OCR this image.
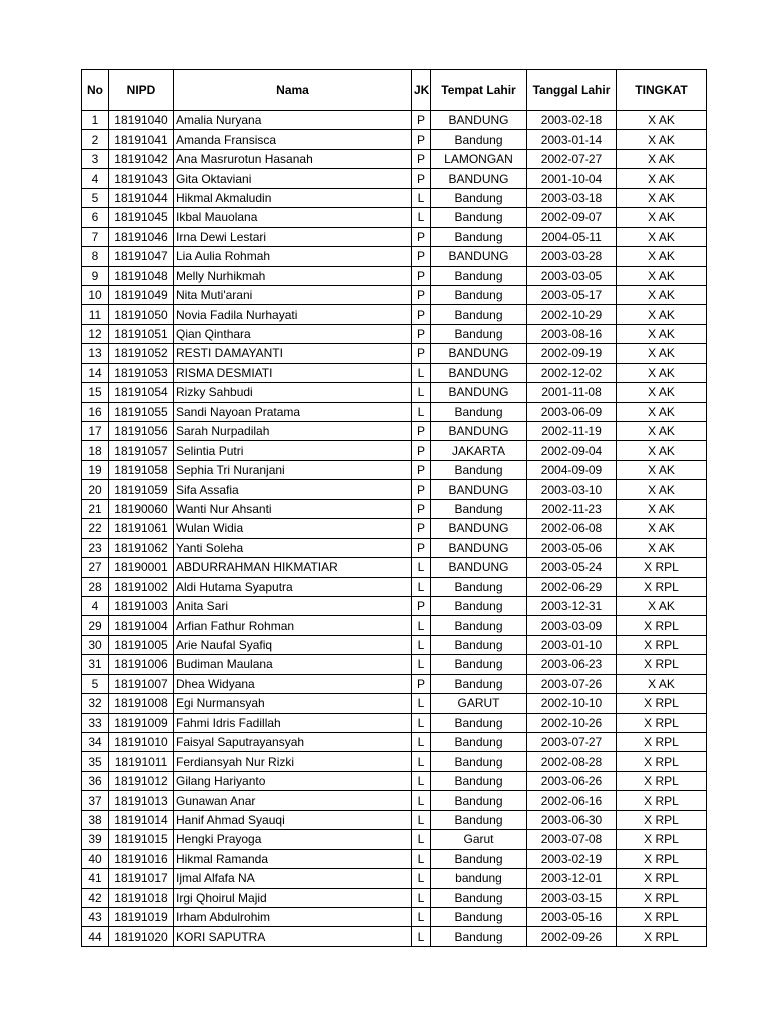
No	NIPD	Nama	JK	Tempat Lahir	Tanggal Lahir	TINGKAT
1	18191040	Amalia Nuryana	P	BANDUNG	2003-02-18	X AK
2	18191041	Amanda Fransisca	P	Bandung	2003-01-14	X AK
3	18191042	Ana Masrurotun Hasanah	P	LAMONGAN	2002-07-27	X AK
4	18191043	Gita Oktaviani	P	BANDUNG	2001-10-04	X AK
5	18191044	Hikmal Akmaludin	L	Bandung	2003-03-18	X AK
6	18191045	Ikbal Mauolana	L	Bandung	2002-09-07	X AK
7	18191046	Irna Dewi Lestari	P	Bandung	2004-05-11	X AK
8	18191047	Lia Aulia Rohmah	P	BANDUNG	2003-03-28	X AK
9	18191048	Melly Nurhikmah	P	Bandung	2003-03-05	X AK
10	18191049	Nita Muti'arani	P	Bandung	2003-05-17	X AK
11	18191050	Novia Fadila Nurhayati	P	Bandung	2002-10-29	X AK
12	18191051	Qian Qinthara	P	Bandung	2003-08-16	X AK
13	18191052	RESTI DAMAYANTI	P	BANDUNG	2002-09-19	X AK
14	18191053	RISMA DESMIATI	L	BANDUNG	2002-12-02	X AK
15	18191054	Rizky Sahbudi	L	BANDUNG	2001-11-08	X AK
16	18191055	Sandi Nayoan Pratama	L	Bandung	2003-06-09	X AK
17	18191056	Sarah Nurpadilah	P	BANDUNG	2002-11-19	X AK
18	18191057	Selintia Putri	P	JAKARTA	2002-09-04	X AK
19	18191058	Sephia Tri Nuranjani	P	Bandung	2004-09-09	X AK
20	18191059	Sifa Assafia	P	BANDUNG	2003-03-10	X AK
21	18190060	Wanti Nur Ahsanti	P	Bandung	2002-11-23	X AK
22	18191061	Wulan Widia	P	BANDUNG	2002-06-08	X AK
23	18191062	Yanti Soleha	P	BANDUNG	2003-05-06	X AK
27	18190001	ABDURRAHMAN HIKMATIAR	L	BANDUNG	2003-05-24	X RPL
28	18191002	Aldi Hutama Syaputra	L	Bandung	2002-06-29	X RPL
4	18191003	Anita Sari	P	Bandung	2003-12-31	X AK
29	18191004	Arfian Fathur Rohman	L	Bandung	2003-03-09	X RPL
30	18191005	Arie Naufal Syafiq	L	Bandung	2003-01-10	X RPL
31	18191006	Budiman Maulana	L	Bandung	2003-06-23	X RPL
5	18191007	Dhea Widyana	P	Bandung	2003-07-26	X AK
32	18191008	Egi Nurmansyah	L	GARUT	2002-10-10	X RPL
33	18191009	Fahmi Idris Fadillah	L	Bandung	2002-10-26	X RPL
34	18191010	Faisyal Saputrayansyah	L	Bandung	2003-07-27	X RPL
35	18191011	Ferdiansyah Nur Rizki	L	Bandung	2002-08-28	X RPL
36	18191012	Gilang Hariyanto	L	Bandung	2003-06-26	X RPL
37	18191013	Gunawan Anar	L	Bandung	2002-06-16	X RPL
38	18191014	Hanif Ahmad Syauqi	L	Bandung	2003-06-30	X RPL
39	18191015	Hengki Prayoga	L	Garut	2003-07-08	X RPL
40	18191016	Hikmal Ramanda	L	Bandung	2003-02-19	X RPL
41	18191017	Ijmal Alfafa NA	L	bandung	2003-12-01	X RPL
42	18191018	Irgi Qhoirul Majid	L	Bandung	2003-03-15	X RPL
43	18191019	Irham Abdulrohim	L	Bandung	2003-05-16	X RPL
44	18191020	KORI SAPUTRA	L	Bandung	2002-09-26	X RPL
